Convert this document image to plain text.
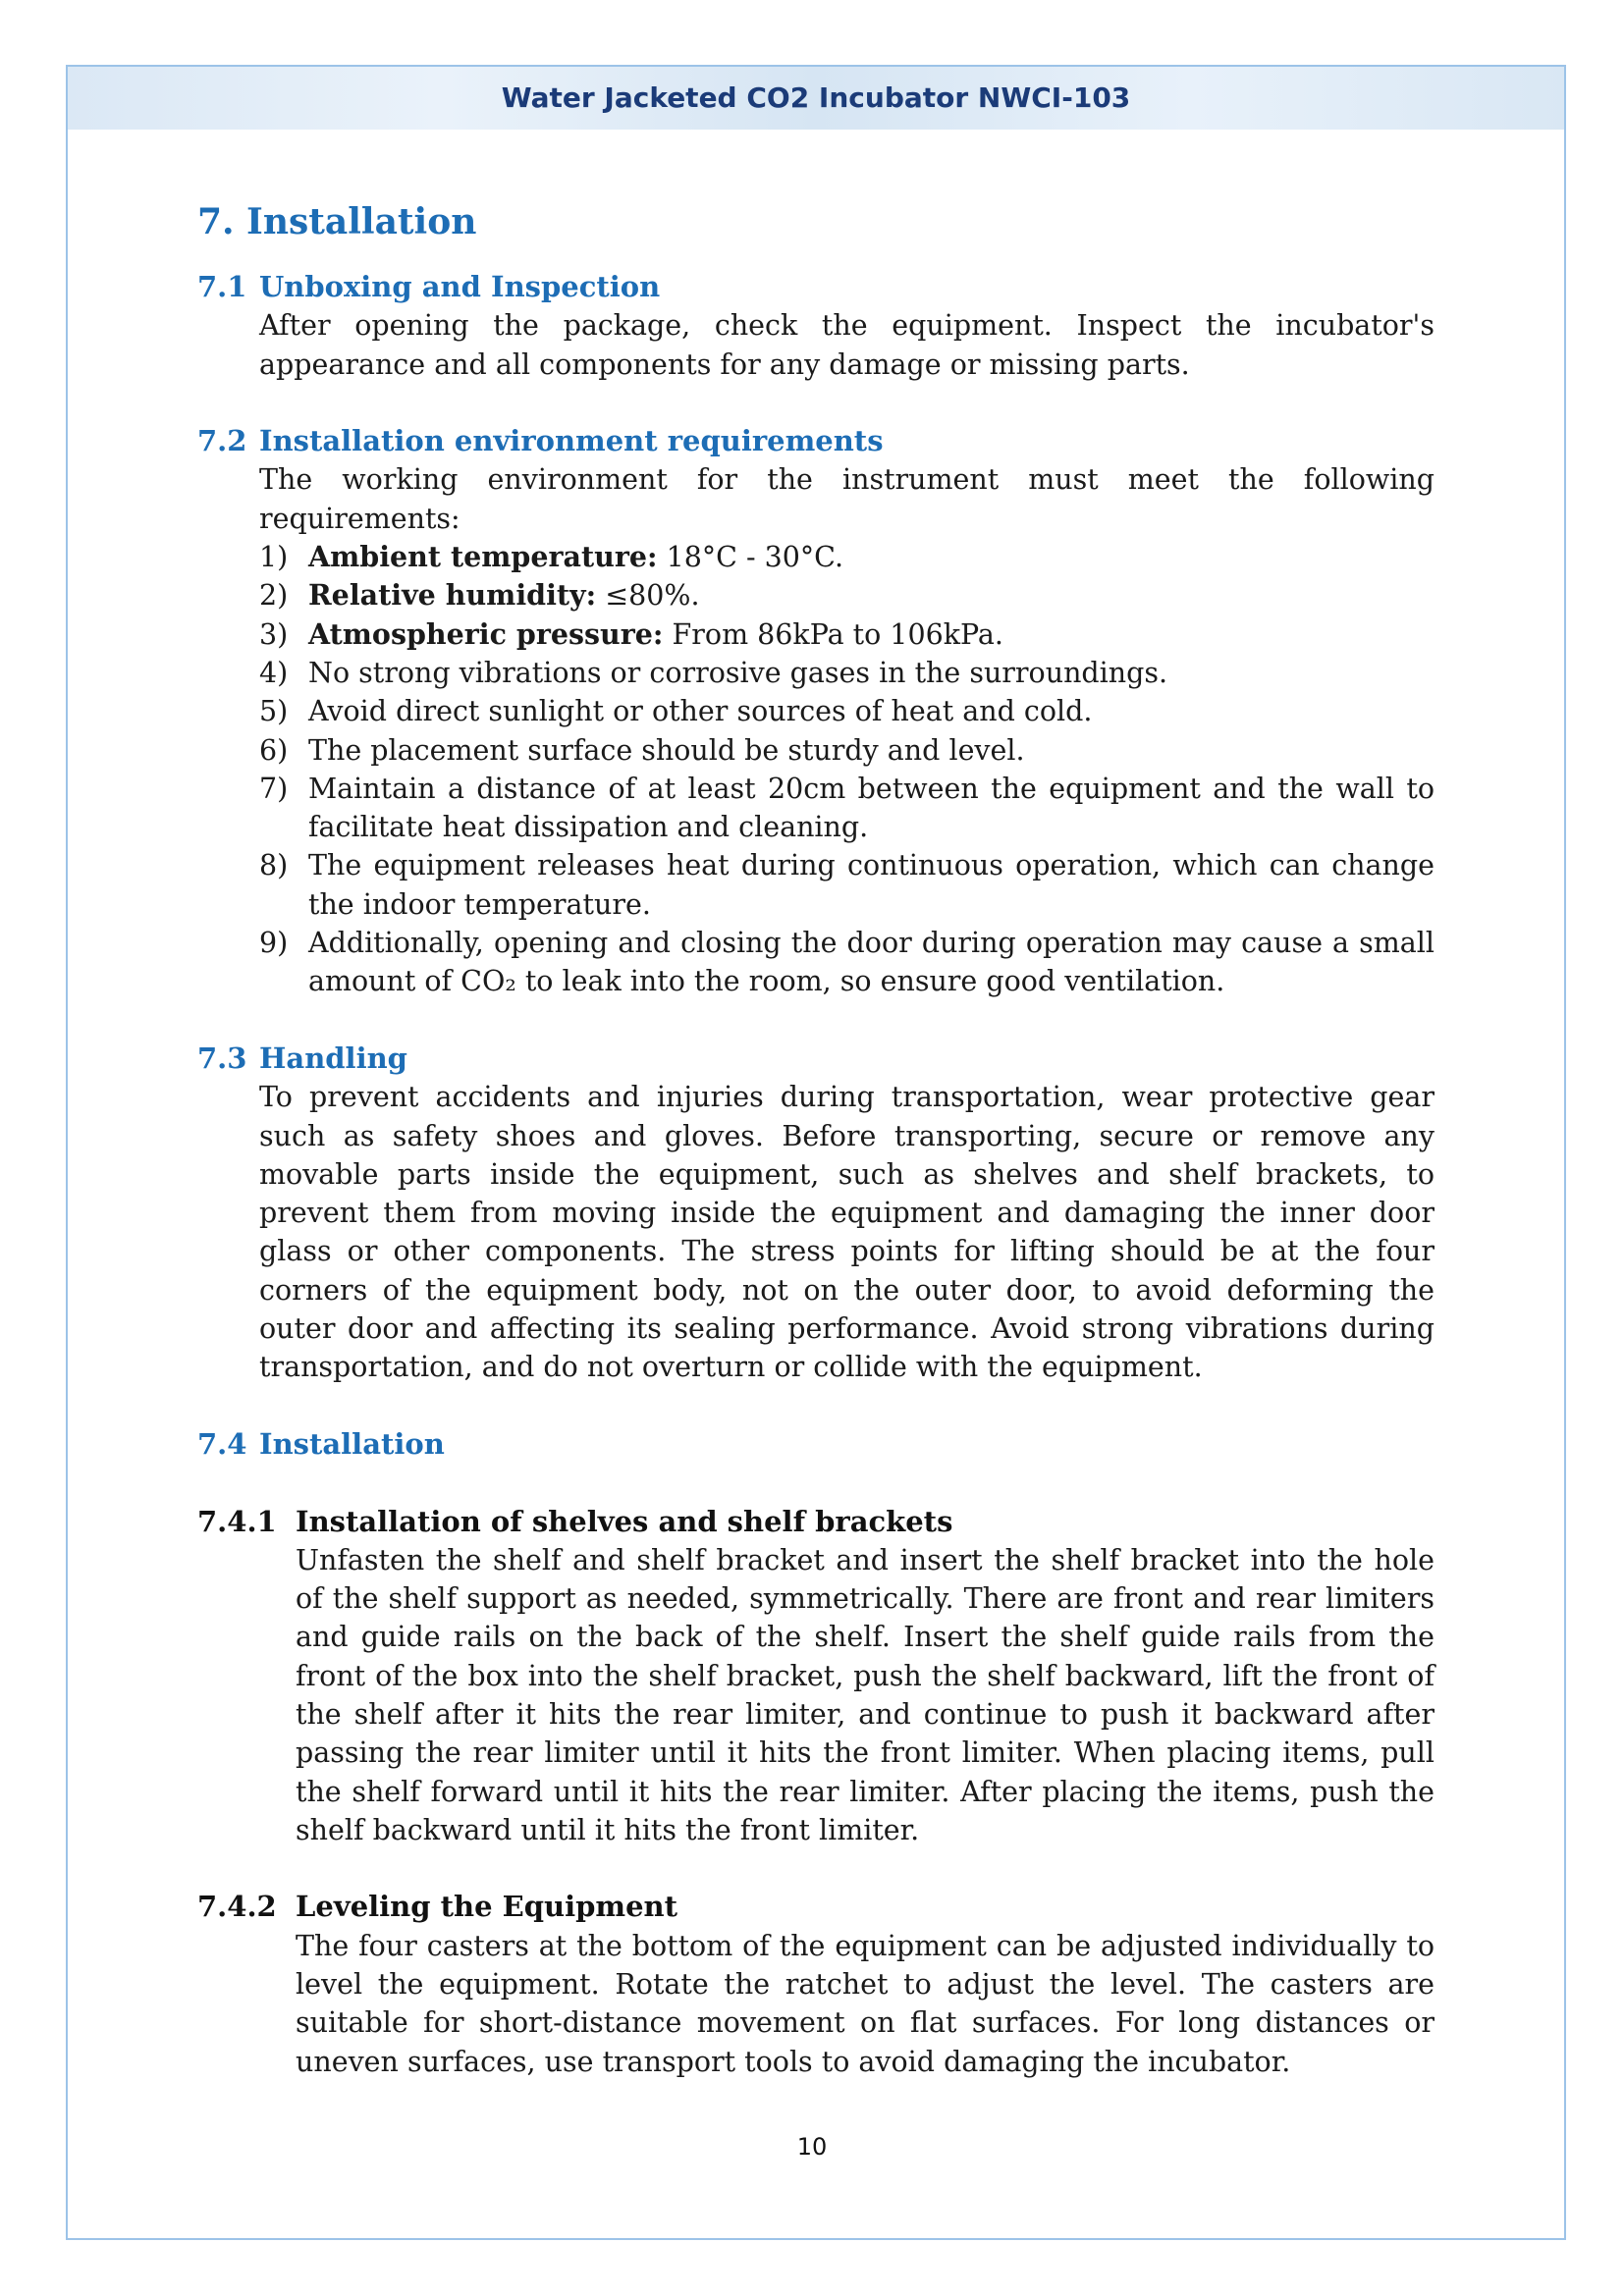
Water Jacketed CO2 Incubator NWCI-103
7. Installation
7.1 Unboxing and Inspection

After opening the package, check the equipment. Inspect the incubator's appearance and all components for any damage or missing parts.

7.2 Installation environment requirements

The working environment for the instrument must meet the following requirements:

1) Ambient temperature: 18°C - 30°C.
2) Relative humidity: ≤80%.
3) Atmospheric pressure: From 86kPa to 106kPa.
4) No strong vibrations or corrosive gases in the surroundings.
5) Avoid direct sunlight or other sources of heat and cold.
6) The placement surface should be sturdy and level.
7) Maintain a distance of at least 20cm between the equipment and the wall to facilitate heat dissipation and cleaning.
8) The equipment releases heat during continuous operation, which can change the indoor temperature.
9) Additionally, opening and closing the door during operation may cause a small amount of CO₂ to leak into the room, so ensure good ventilation.
7.3 Handling

To prevent accidents and injuries during transportation, wear protective gear such as safety shoes and gloves. Before transporting, secure or remove any movable parts inside the equipment, such as shelves and shelf brackets, to prevent them from moving inside the equipment and damaging the inner door glass or other components. The stress points for lifting should be at the four corners of the equipment body, not on the outer door, to avoid deforming the outer door and affecting its sealing performance. Avoid strong vibrations during transportation, and do not overturn or collide with the equipment.

7.4 Installation
7.4.1 Installation of shelves and shelf brackets

Unfasten the shelf and shelf bracket and insert the shelf bracket into the hole of the shelf support as needed, symmetrically. There are front and rear limiters and guide rails on the back of the shelf. Insert the shelf guide rails from the front of the box into the shelf bracket, push the shelf backward, lift the front of the shelf after it hits the rear limiter, and continue to push it backward after passing the rear limiter until it hits the front limiter. When placing items, pull the shelf forward until it hits the rear limiter. After placing the items, push the shelf backward until it hits the front limiter.

7.4.2 Leveling the Equipment

The four casters at the bottom of the equipment can be adjusted individually to level the equipment. Rotate the ratchet to adjust the level. The casters are suitable for short-distance movement on flat surfaces. For long distances or uneven surfaces, use transport tools to avoid damaging the incubator.

10
